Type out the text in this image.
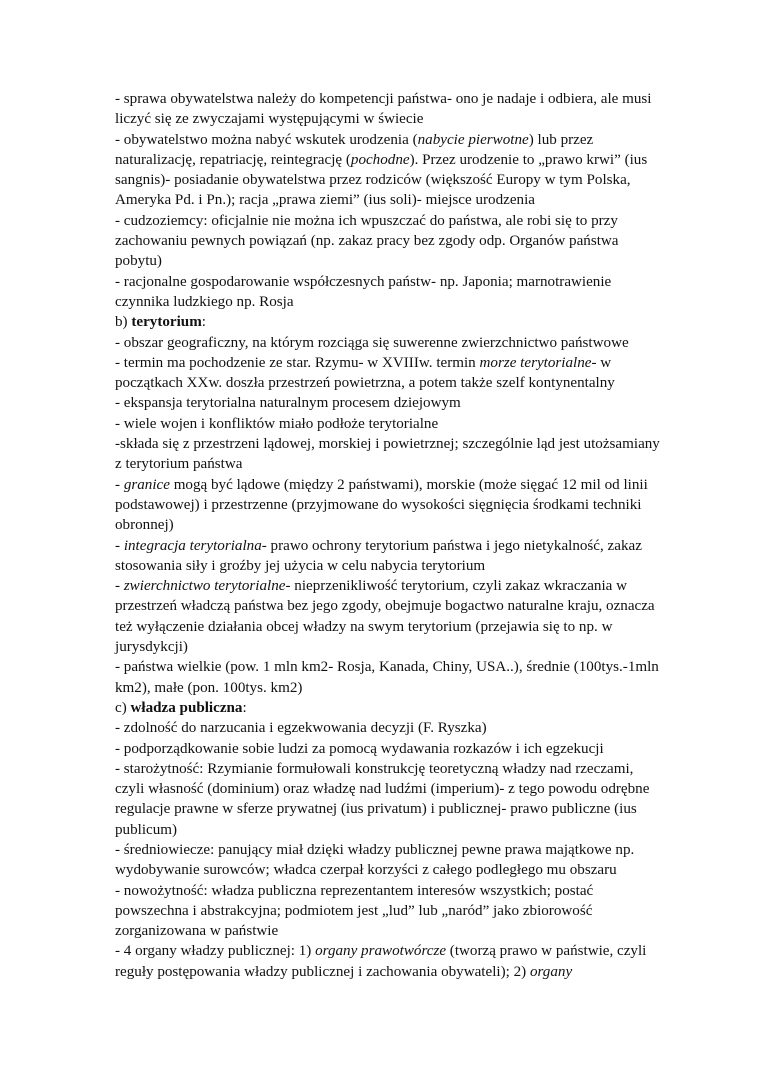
- sprawa obywatelstwa należy do kompetencji państwa- ono je nadaje i odbiera, ale musi
liczyć się ze zwyczajami występującymi w świecie
- obywatelstwo można nabyć wskutek urodzenia (nabycie pierwotne) lub przez
naturalizację, repatriację, reintegrację (pochodne). Przez urodzenie to „prawo krwi” (ius
sangnis)- posiadanie obywatelstwa przez rodziców (większość Europy w tym Polska,
Ameryka Pd. i Pn.); racja „prawa ziemi” (ius soli)- miejsce urodzenia
- cudzoziemcy: oficjalnie nie można ich wpuszczać do państwa, ale robi się to przy
zachowaniu pewnych powiązań (np. zakaz pracy bez zgody odp. Organów państwa
pobytu)
- racjonalne gospodarowanie współczesnych państw- np. Japonia; marnotrawienie
czynnika ludzkiego np. Rosja
b) terytorium:
- obszar geograficzny, na którym rozciąga się suwerenne zwierzchnictwo państwowe
- termin ma pochodzenie ze star. Rzymu- w XVIIIw. termin morze terytorialne- w
początkach XXw. doszła przestrzeń powietrzna, a potem także szelf kontynentalny
- ekspansja terytorialna naturalnym procesem dziejowym
- wiele wojen i konfliktów miało podłoże terytorialne
-składa się z przestrzeni lądowej, morskiej i powietrznej; szczególnie ląd jest utożsamiany
z terytorium państwa
- granice mogą być lądowe (między 2 państwami), morskie (może sięgać 12 mil od linii
podstawowej) i przestrzenne (przyjmowane do wysokości sięgnięcia środkami techniki
obronnej)
- integracja terytorialna- prawo ochrony terytorium państwa i jego nietykalność, zakaz
stosowania siły i groźby jej użycia w celu nabycia terytorium
- zwierchnictwo terytorialne- nieprzenikliwość terytorium, czyli zakaz wkraczania w
przestrzeń władczą państwa bez jego zgody, obejmuje bogactwo naturalne kraju, oznacza
też wyłączenie działania obcej władzy na swym terytorium (przejawia się to np. w
jurysdykcji)
- państwa wielkie (pow. 1 mln km2- Rosja, Kanada, Chiny, USA..), średnie (100tys.-1mln
km2), małe (pon. 100tys. km2)
c) władza publiczna:
- zdolność do narzucania i egzekwowania decyzji (F. Ryszka)
- podporządkowanie sobie ludzi za pomocą wydawania rozkazów i ich egzekucji
- starożytność: Rzymianie formułowali konstrukcję teoretyczną władzy nad rzeczami,
czyli własność (dominium) oraz władzę nad ludźmi (imperium)- z tego powodu odrębne
regulacje prawne w sferze prywatnej (ius privatum) i publicznej- prawo publiczne (ius
publicum)
- średniowiecze: panujący miał dzięki władzy publicznej pewne prawa majątkowe np.
wydobywanie surowców; władca czerpał korzyści z całego podległego mu obszaru
- nowożytność: władza publiczna reprezentantem interesów wszystkich; postać
powszechna i abstrakcyjna; podmiotem jest „lud” lub „naród” jako zbiorowość
zorganizowana w państwie
- 4 organy władzy publicznej: 1) organy prawotwórcze (tworzą prawo w państwie, czyli
reguły postępowania władzy publicznej i zachowania obywateli); 2) organy
